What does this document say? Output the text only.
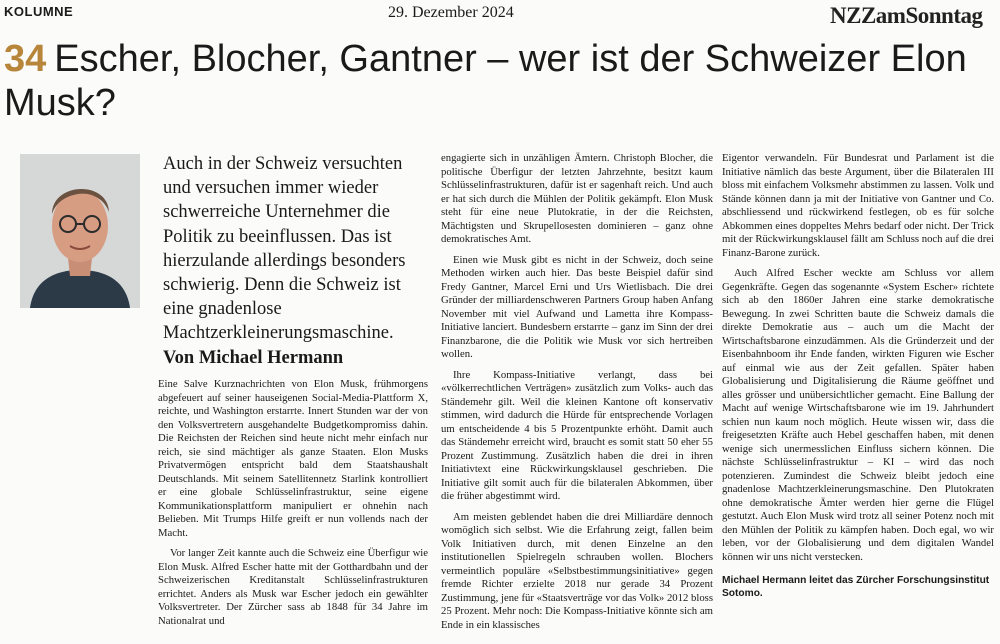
KOLUMNE	29. Dezember 2024	NZZamSonntag
34 Escher, Blocher, Gantner – wer ist der Schweizer Elon Musk?

Auch in der Schweiz versuchten und versuchen immer wieder schwerreiche Unternehmer die Politik zu beeinflussen. Das ist hierzulande allerdings besonders schwierig. Denn die Schweiz ist eine gnadenlose Machtzerkleinerungsmaschine.

Von Michael Hermann

Eine Salve Kurznachrichten von Elon Musk, frühmorgens abgefeuert auf seiner hauseigenen Social-Media-Plattform X, reichte, und Washington erstarrte. Innert Stunden war der von den Volksvertretern ausgehandelte Budgetkompromiss dahin. Die Reichsten der Reichen sind heute nicht mehr einfach nur reich, sie sind mächtiger als ganze Staaten. Elon Musks Privatvermögen entspricht bald dem Staatshaushalt Deutschlands. Mit seinem Satellitennetz Starlink kontrolliert er eine globale Schlüsselinfrastruktur, seine eigene Kommunikationsplattform manipuliert er ohnehin nach Belieben. Mit Trumps Hilfe greift er nun vollends nach der Macht.

Vor langer Zeit kannte auch die Schweiz eine Überfigur wie Elon Musk. Alfred Escher hatte mit der Gotthardbahn und der Schweizerischen Kreditanstalt Schlüsselinfrastrukturen errichtet. Anders als Musk war Escher jedoch ein gewählter Volksvertreter. Der Zürcher sass ab 1848 für 34 Jahre im Nationalrat und

engagierte sich in unzähligen Ämtern. Christoph Blocher, die politische Überfigur der letzten Jahrzehnte, besitzt kaum Schlüsselinfrastrukturen, dafür ist er sagenhaft reich. Und auch er hat sich durch die Mühlen der Politik gekämpft. Elon Musk steht für eine neue Plutokratie, in der die Reichsten, Mächtigsten und Skrupellosesten dominieren – ganz ohne demokratisches Amt.

Einen wie Musk gibt es nicht in der Schweiz, doch seine Methoden wirken auch hier. Das beste Beispiel dafür sind Fredy Gantner, Marcel Erni und Urs Wietlisbach. Die drei Gründer der milliardenschweren Partners Group haben Anfang November mit viel Aufwand und Lametta ihre Kompass-Initiative lanciert. Bundesbern erstarrte – ganz im Sinn der drei Finanzbarone, die die Politik wie Musk vor sich hertreiben wollen.

Ihre Kompass-Initiative verlangt, dass bei «völkerrechtlichen Verträgen» zusätzlich zum Volks- auch das Ständemehr gilt. Weil die kleinen Kantone oft konservativ stimmen, wird dadurch die Hürde für entsprechende Vorlagen um entscheidende 4 bis 5 Prozentpunkte erhöht. Damit auch das Ständemehr erreicht wird, braucht es somit statt 50 eher 55 Prozent Zustimmung. Zusätzlich haben die drei in ihren Initiativtext eine Rückwirkungsklausel geschrieben. Die Initiative gilt somit auch für die bilateralen Abkommen, über die früher abgestimmt wird.

Am meisten geblendet haben die drei Milliardäre dennoch womöglich sich selbst. Wie die Erfahrung zeigt, fallen beim Volk Initiativen durch, mit denen Einzelne an den institutionellen Spielregeln schrauben wollen. Blochers vermeintlich populäre «Selbstbestimmungsinitiative» gegen fremde Richter erzielte 2018 nur gerade 34 Prozent Zustimmung, jene für «Staatsverträge vor das Volk» 2012 bloss 25 Prozent. Mehr noch: Die Kompass-Initiative könnte sich am Ende in ein klassisches

Eigentor verwandeln. Für Bundesrat und Parlament ist die Initiative nämlich das beste Argument, über die Bilateralen III bloss mit einfachem Volksmehr abstimmen zu lassen. Volk und Stände können dann ja mit der Initiative von Gantner und Co. abschliessend und rückwirkend festlegen, ob es für solche Abkommen eines doppeltes Mehrs bedarf oder nicht. Der Trick mit der Rückwirkungsklausel fällt am Schluss noch auf die drei Finanz-Barone zurück.

Auch Alfred Escher weckte am Schluss vor allem Gegenkräfte. Gegen das sogenannte «System Escher» richtete sich ab den 1860er Jahren eine starke demokratische Bewegung. In zwei Schritten baute die Schweiz damals die direkte Demokratie aus – auch um die Macht der Wirtschaftsbarone einzudämmen. Als die Gründerzeit und der Eisenbahnboom ihr Ende fanden, wirkten Figuren wie Escher auf einmal wie aus der Zeit gefallen. Später haben Globalisierung und Digitalisierung die Räume geöffnet und alles grösser und unübersichtlicher gemacht. Eine Ballung der Macht auf wenige Wirtschaftsbarone wie im 19. Jahrhundert schien nun kaum noch möglich. Heute wissen wir, dass die freigesetzten Kräfte auch Hebel geschaffen haben, mit denen wenige sich unermesslichen Einfluss sichern können. Die nächste Schlüsselinfrastruktur – KI – wird das noch potenzieren. Zumindest die Schweiz bleibt jedoch eine gnadenlose Machtzerkleinerungsmaschine. Den Plutokraten ohne demokratische Ämter werden hier gerne die Flügel gestutzt. Auch Elon Musk wird trotz all seiner Potenz noch mit den Mühlen der Politik zu kämpfen haben. Doch egal, wo wir leben, vor der Globalisierung und dem digitalen Wandel können wir uns nicht verstecken.

Michael Hermann leitet das Zürcher Forschungsinstitut Sotomo.
